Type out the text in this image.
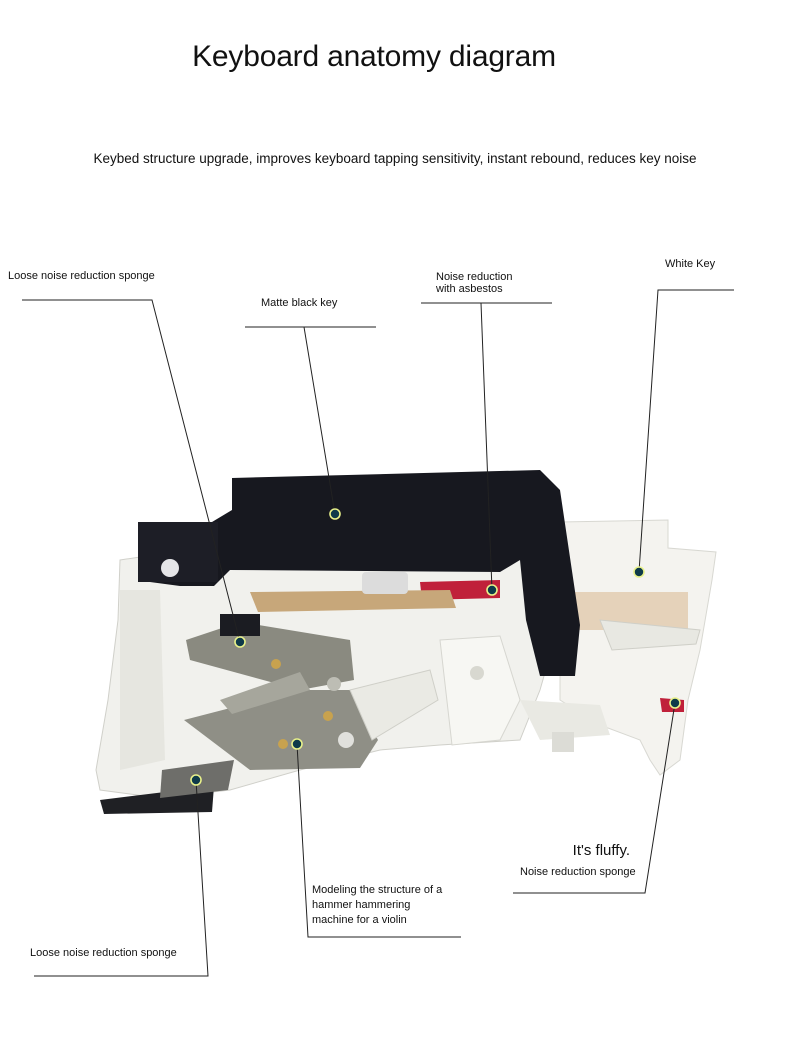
Keyboard anatomy diagram
Keybed structure upgrade, improves keyboard tapping sensitivity, instant rebound, reduces key noise
Loose noise reduction sponge
Matte black key
Noise reduction
with asbestos
White Key
It's fluffy.
Noise reduction sponge
Modeling the structure of a
hammer hammering
machine for a violin
Loose noise reduction sponge
